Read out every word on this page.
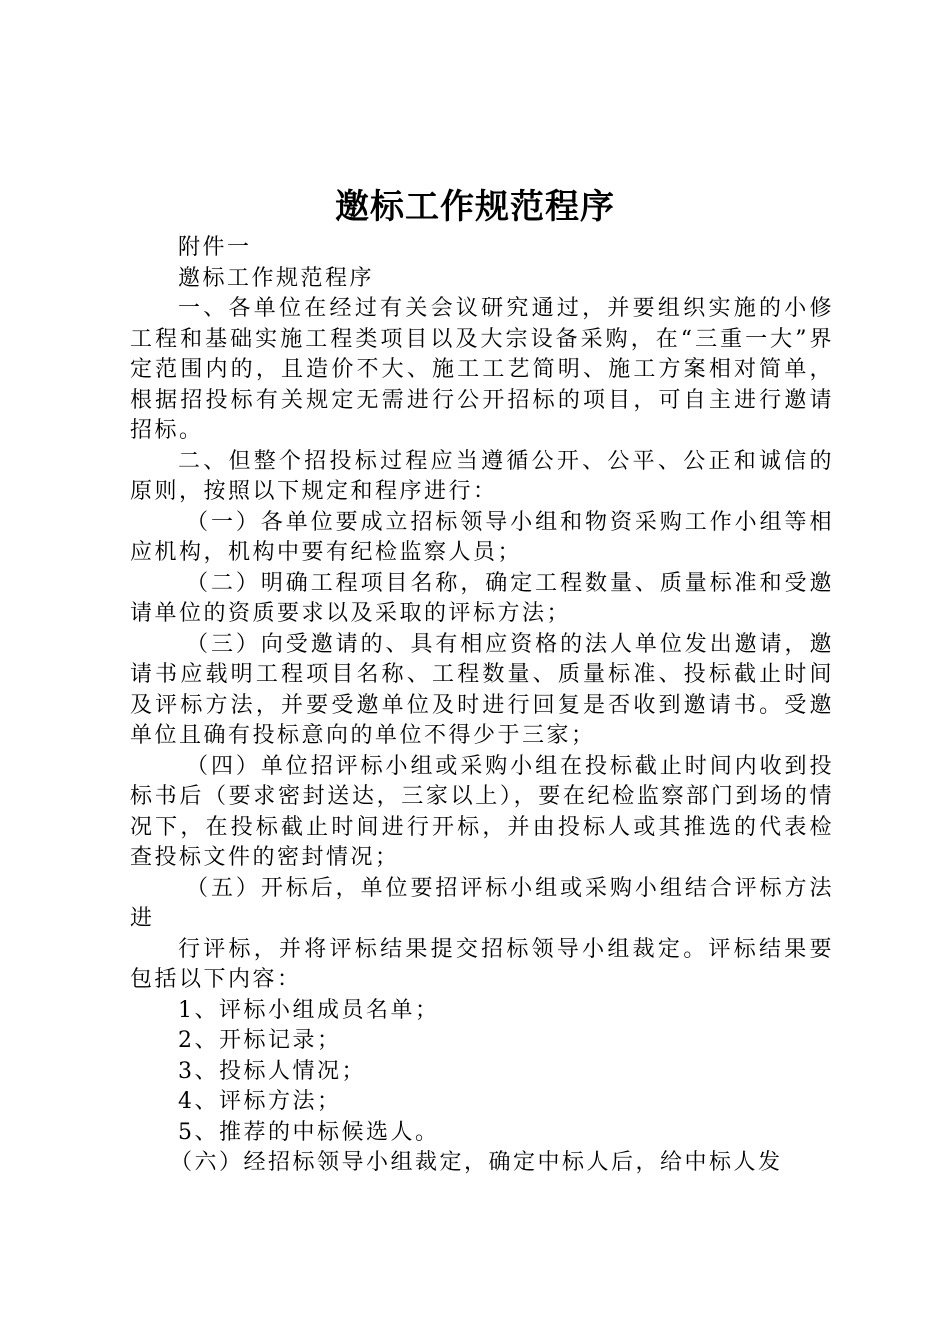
邀标工作规范程序

附件一

邀标工作规范程序

一、各单位在经过有关会议研究通过，并要组织实施的小修工程和基础实施工程类项目以及大宗设备采购，在“三重一大”界定范围内的，且造价不大、施工工艺简明、施工方案相对简单，根据招投标有关规定无需进行公开招标的项目，可自主进行邀请招标。

二、但整个招投标过程应当遵循公开、公平、公正和诚信的原则，按照以下规定和程序进行：

（一）各单位要成立招标领导小组和物资采购工作小组等相应机构，机构中要有纪检监察人员；

（二）明确工程项目名称，确定工程数量、质量标准和受邀请单位的资质要求以及采取的评标方法；

（三）向受邀请的、具有相应资格的法人单位发出邀请，邀请书应载明工程项目名称、工程数量、质量标准、投标截止时间及评标方法，并要受邀单位及时进行回复是否收到邀请书。受邀单位且确有投标意向的单位不得少于三家；

（四）单位招评标小组或采购小组在投标截止时间内收到投标书后（要求密封送达，三家以上），要在纪检监察部门到场的情况下，在投标截止时间进行开标，并由投标人或其推选的代表检查投标文件的密封情况；

（五）开标后，单位要招评标小组或采购小组结合评标方法进

行评标，并将评标结果提交招标领导小组裁定。评标结果要包括以下内容：

1、评标小组成员名单；

2、开标记录；

3、投标人情况；

4、评标方法；

5、推荐的中标候选人。

（六）经招标领导小组裁定，确定中标人后，给中标人发
